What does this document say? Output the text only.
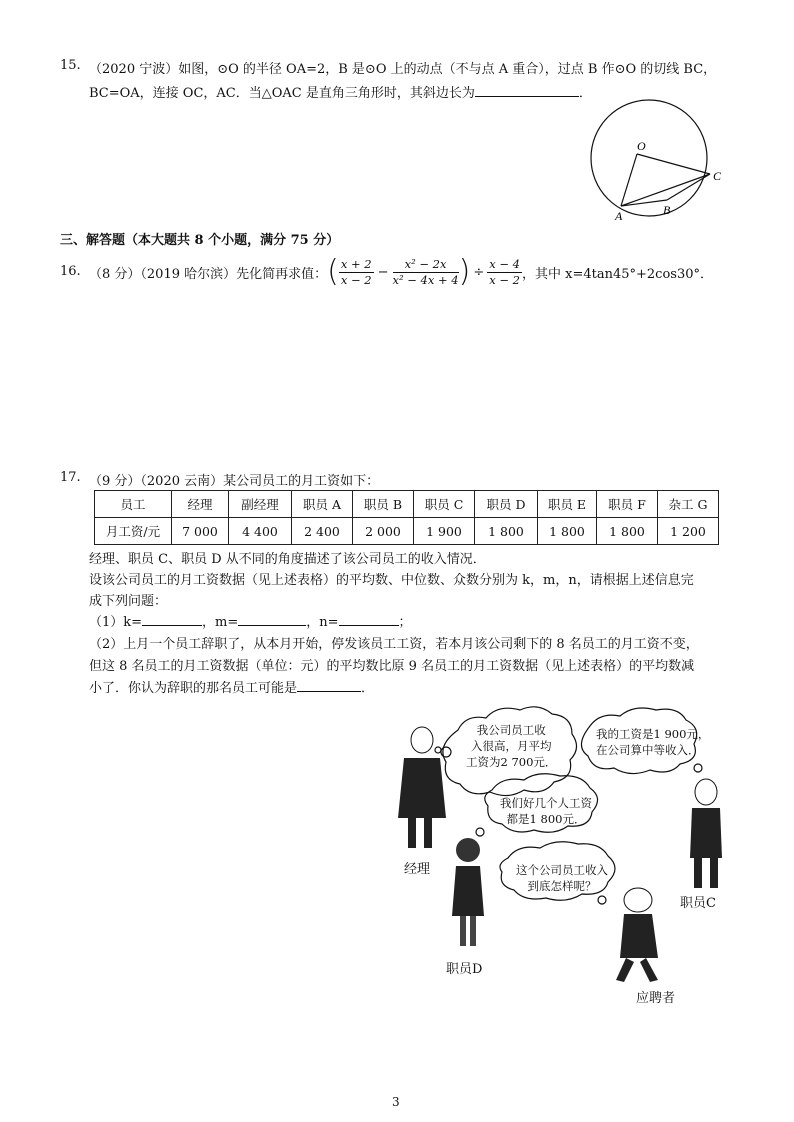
15. （2020 宁波）如图，⊙O 的半径 OA=2，B 是⊙O 上的动点（不与点 A 重合），过点 B 作⊙O 的切线 BC，
BC=OA，连接 OC，AC．当△OAC 是直角三角形时，其斜边长为	．
O
A	B
C
三、解答题（本大题共 8 个小题，满分 75 分）
16. （8 分）（2019 哈尔滨）先化简再求值： ( $\frac{x + 2}{x - 2} - \frac{\text{x² − 2x}}{\text{x² − 4x + 4}}$ ) ÷ $\frac{x - 4}{x - 2}$ ，其中 x=4tan45°+2cos30°．
17. （9 分）（2020 云南）某公司员工的月工资如下：
员工	经理	副经理	职员 A	职员 B	职员 C	职员 D	职员 E	职员 F	杂工 G
月工资/元	7 000	4 400	2 400	2 000	1 900	1 800	1 800	1 800	1 200
经理、职员 C、职员 D 从不同的角度描述了该公司员工的收入情况．
设该公司员工的月工资数据（见上述表格）的平均数、中位数、众数分别为 k，m，n，请根据上述信息完
成下列问题：
（1）k=	，m=	，n=	；
（2）上月一个员工辞职了，从本月开始，停发该员工工资，若本月该公司剩下的 8 名员工的月工资不变，
但这 8 名员工的月工资数据（单位：元）的平均数比原 9 名员工的月工资数据（见上述表格）的平均数减
小了．你认为辞职的那名员工可能是	．
我公司员工收
入很高，月平均
工资为2 700元．
我的工资是1 900元，
在公司算中等收入．
我们好几个人工资
都是1 800元．
这个公司员工收入
到底怎样呢？
经理
职员C
职员D
应聘者
3
